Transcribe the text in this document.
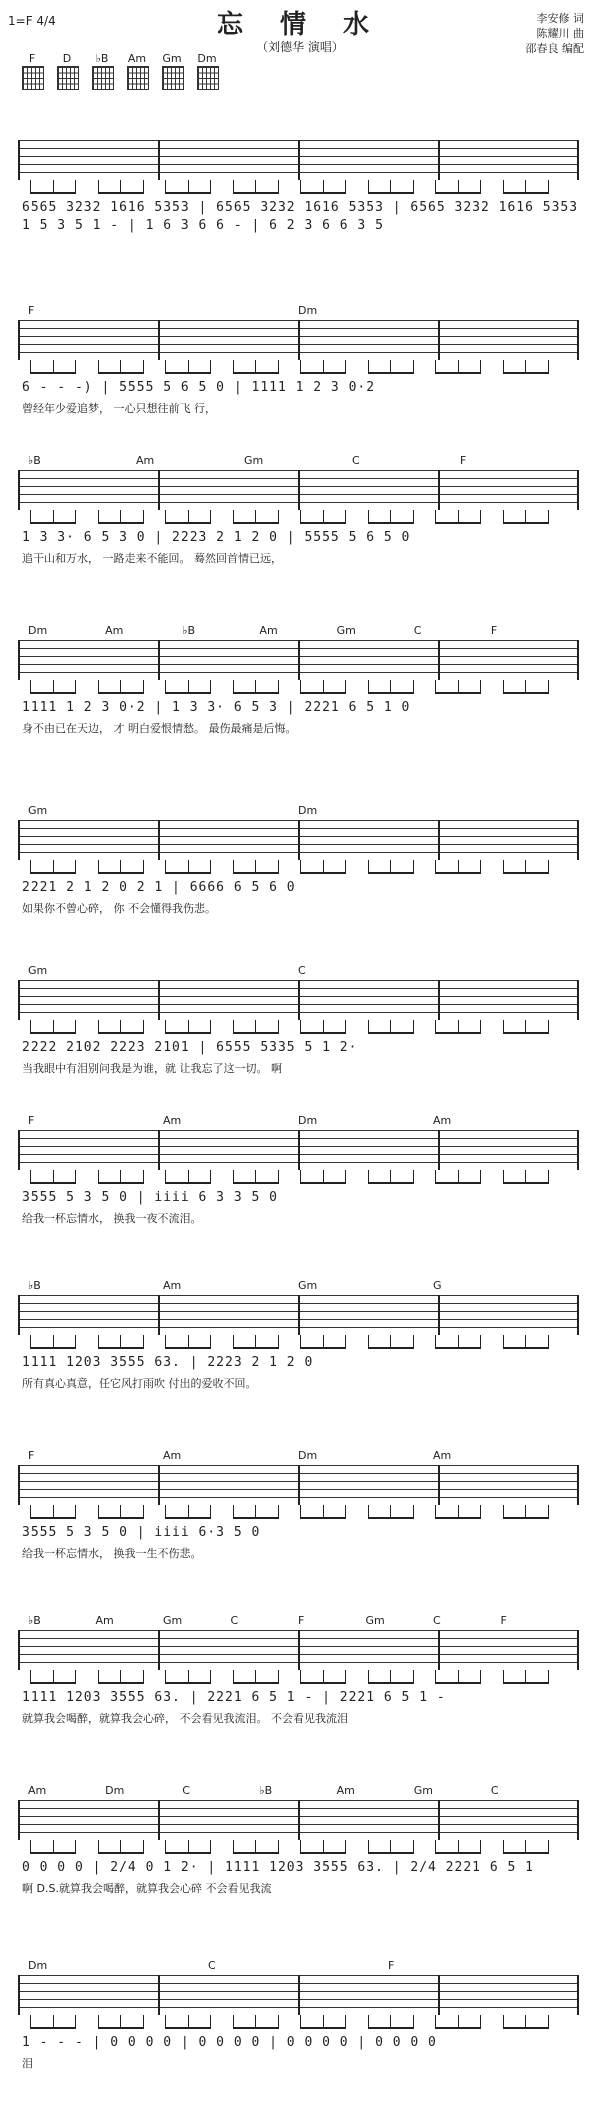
1=F 4/4	忘 情 水
（刘德华 演唱）
李安修 词
陈耀川 曲
邵春良 编配
F	D	♭B	Am Gm Dm
6565 3232 1616 5353 | 6565 3232 1616 5353 | 6565 3232 1616 5353
1 5 3 5 1 - | 1 6 3 6 6 - | 6 2 3 6 6 3 5
F	Dm
6 - - -) | 5555 5 6 5 0 | 1111 1 2 3 0·2
曾经年少爱追梦， 一心只想往前飞 行，
♭B	Am	Gm	C	F
1 3 3· 6 5 3 0 | 2223 2 1 2 0 | 5555 5 6 5 0
追干山和万水， 一路走来不能回。 蓦然回首情已远，
Dm	Am	♭B	Am	Gm	C	F
1111 1 2 3 0·2 | 1 3 3· 6 5 3 | 2221 6 5 1 0
身不由已在天边， 才 明白爱恨情愁。 最伤最痛是后悔。
Gm	Dm
2221 2 1 2 0 2 1 | 6666 6 5 6 0
如果你不曾心碎， 你 不会懂得我伤悲。
Gm	C
2222 2102 2223 2101 | 6555 5335 5 1 2·
当我眼中有泪别问我是为谁，就 让我忘了这一切。 啊
F	Am	Dm	Am
3555 5 3 5 0 | iiii 6 3 3 5 0
给我一杯忘情水， 换我一夜不流泪。
♭B	Am	Gm	G
1111 1203 3555 63. | 2223 2 1 2 0
所有真心真意，任它风打雨吹 付出的爱收不回。
F	Am	Dm	Am
3555 5 3 5 0 | iiii 6·3 5 0
给我一杯忘情水， 换我一生不伤悲。
♭B	Am	Gm	C	F	Gm	C	F
1111 1203 3555 63. | 2221 6 5 1 - | 2221 6 5 1 -
就算我会喝醉，就算我会心碎， 不会看见我流泪。 不会看见我流泪
Am	Dm	C	♭B	Am	Gm	C
0 0 0 0 | 2/4 0 1 2· | 1111 1203 3555 63. | 2/4 2221 6 5 1
啊 D.S.就算我会喝醉，就算我会心碎 不会看见我流
Dm	C	F
1 - - - | 0 0 0 0 | 0 0 0 0 | 0 0 0 0 | 0 0 0 0
泪
